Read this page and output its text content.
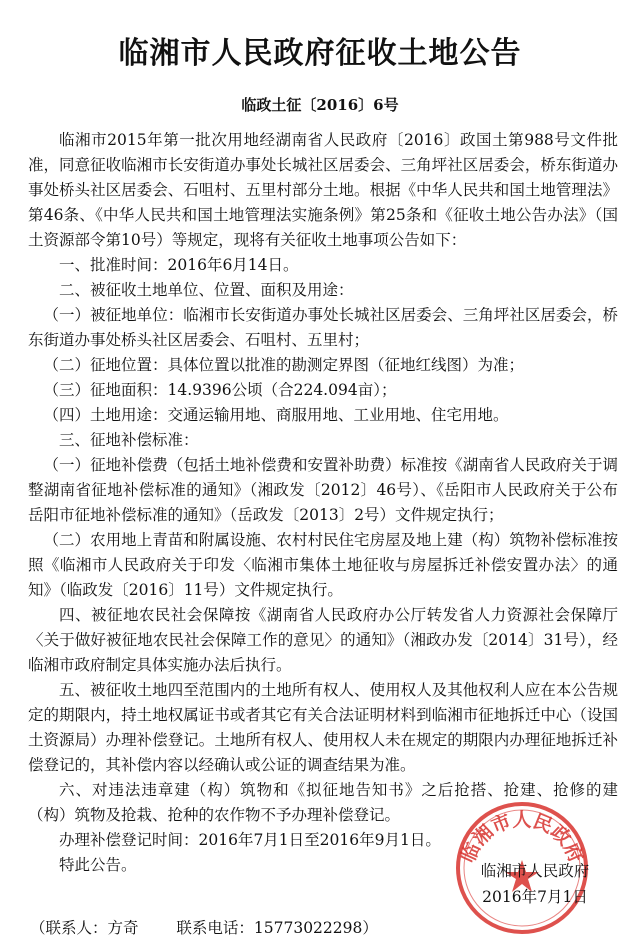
临湘市人民政府征收土地公告
临政土征〔2016〕6号

临湘市2015年第一批次用地经湖南省人民政府〔2016〕政国土第988号文件批准，同意征收临湘市长安街道办事处长城社区居委会、三角坪社区居委会，桥东街道办事处桥头社区居委会、石咀村、五里村部分土地。根据《中华人民共和国土地管理法》第46条、《中华人民共和国土地管理法实施条例》第25条和《征收土地公告办法》（国土资源部令第10号）等规定，现将有关征收土地事项公告如下：

一、批准时间：2016年6月14日。

二、被征收土地单位、位置、面积及用途：

（一）被征地单位：临湘市长安街道办事处长城社区居委会、三角坪社区居委会，桥东街道办事处桥头社区居委会、石咀村、五里村；

（二）征地位置：具体位置以批准的勘测定界图（征地红线图）为准；

（三）征地面积：14.9396公顷（合224.094亩）；

（四）土地用途：交通运输用地、商服用地、工业用地、住宅用地。

三、征地补偿标准：

（一）征地补偿费（包括土地补偿费和安置补助费）标准按《湖南省人民政府关于调整湖南省征地补偿标准的通知》（湘政发〔2012〕46号）、《岳阳市人民政府关于公布岳阳市征地补偿标准的通知》（岳政发〔2013〕2号）文件规定执行；

（二）农用地上青苗和附属设施、农村村民住宅房屋及地上建（构）筑物补偿标准按照《临湘市人民政府关于印发〈临湘市集体土地征收与房屋拆迁补偿安置办法〉的通知》（临政发〔2016〕11号）文件规定执行。

四、被征地农民社会保障按《湖南省人民政府办公厅转发省人力资源社会保障厅〈关于做好被征地农民社会保障工作的意见〉的通知》（湘政办发〔2014〕31号），经临湘市政府制定具体实施办法后执行。

五、被征收土地四至范围内的土地所有权人、使用权人及其他权利人应在本公告规定的期限内，持土地权属证书或者其它有关合法证明材料到临湘市征地拆迁中心（设国土资源局）办理补偿登记。土地所有权人、使用权人未在规定的期限内办理征地拆迁补偿登记的，其补偿内容以经确认或公证的调查结果为准。

六、对违法违章建（构）筑物和《拟征地告知书》之后抢搭、抢建、抢修的建（构）筑物及抢栽、抢种的农作物不予办理补偿登记。

办理补偿登记时间：2016年7月1日至2016年9月1日。

特此公告。	临湘市人民政府
临湘市人民政府
2016年7月1日
（联系人：方奇 联系电话：15773022298）
